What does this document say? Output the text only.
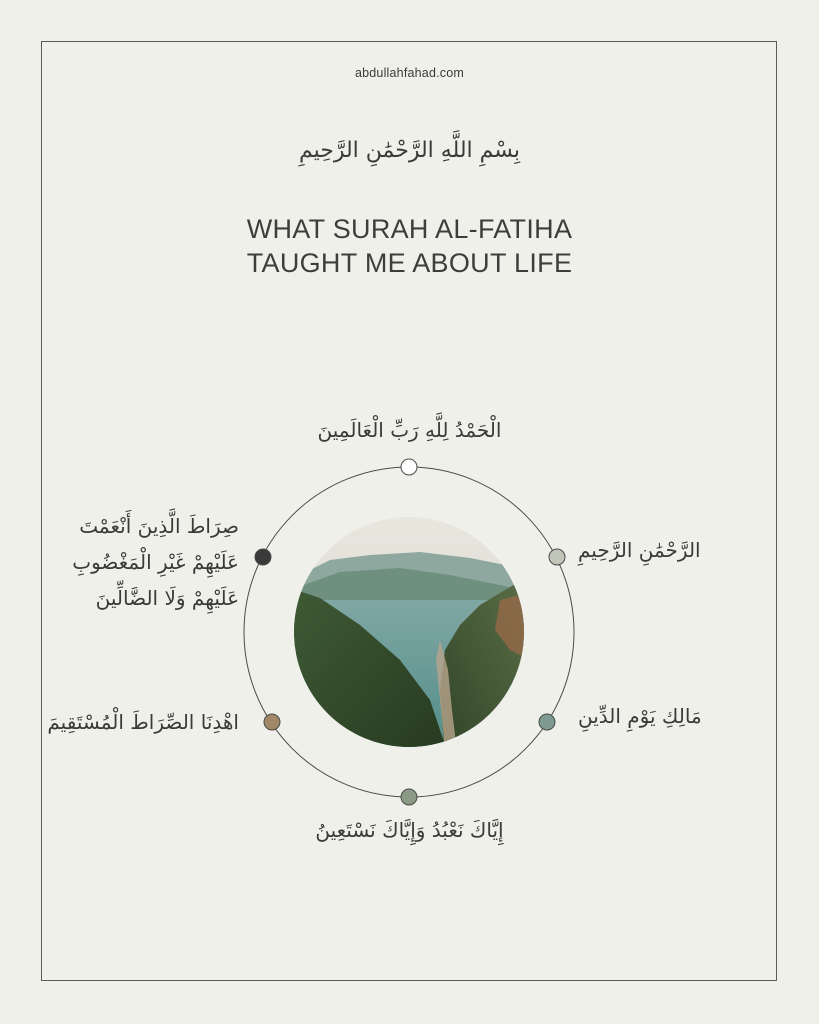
abdullahfahad.com
بِسْمِ اللَّهِ الرَّحْمَٰنِ الرَّحِيمِ
WHAT SURAH AL-FATIHA
TAUGHT ME ABOUT LIFE
الْحَمْدُ لِلَّهِ رَبِّ الْعَالَمِينَ
الرَّحْمَٰنِ الرَّحِيمِ
مَالِكِ يَوْمِ الدِّينِ
إِيَّاكَ نَعْبُدُ وَإِيَّاكَ نَسْتَعِينُ
اهْدِنَا الصِّرَاطَ الْمُسْتَقِيمَ
صِرَاطَ الَّذِينَ أَنْعَمْتَ
عَلَيْهِمْ غَيْرِ الْمَغْضُوبِ
عَلَيْهِمْ وَلَا الضَّالِّينَ
